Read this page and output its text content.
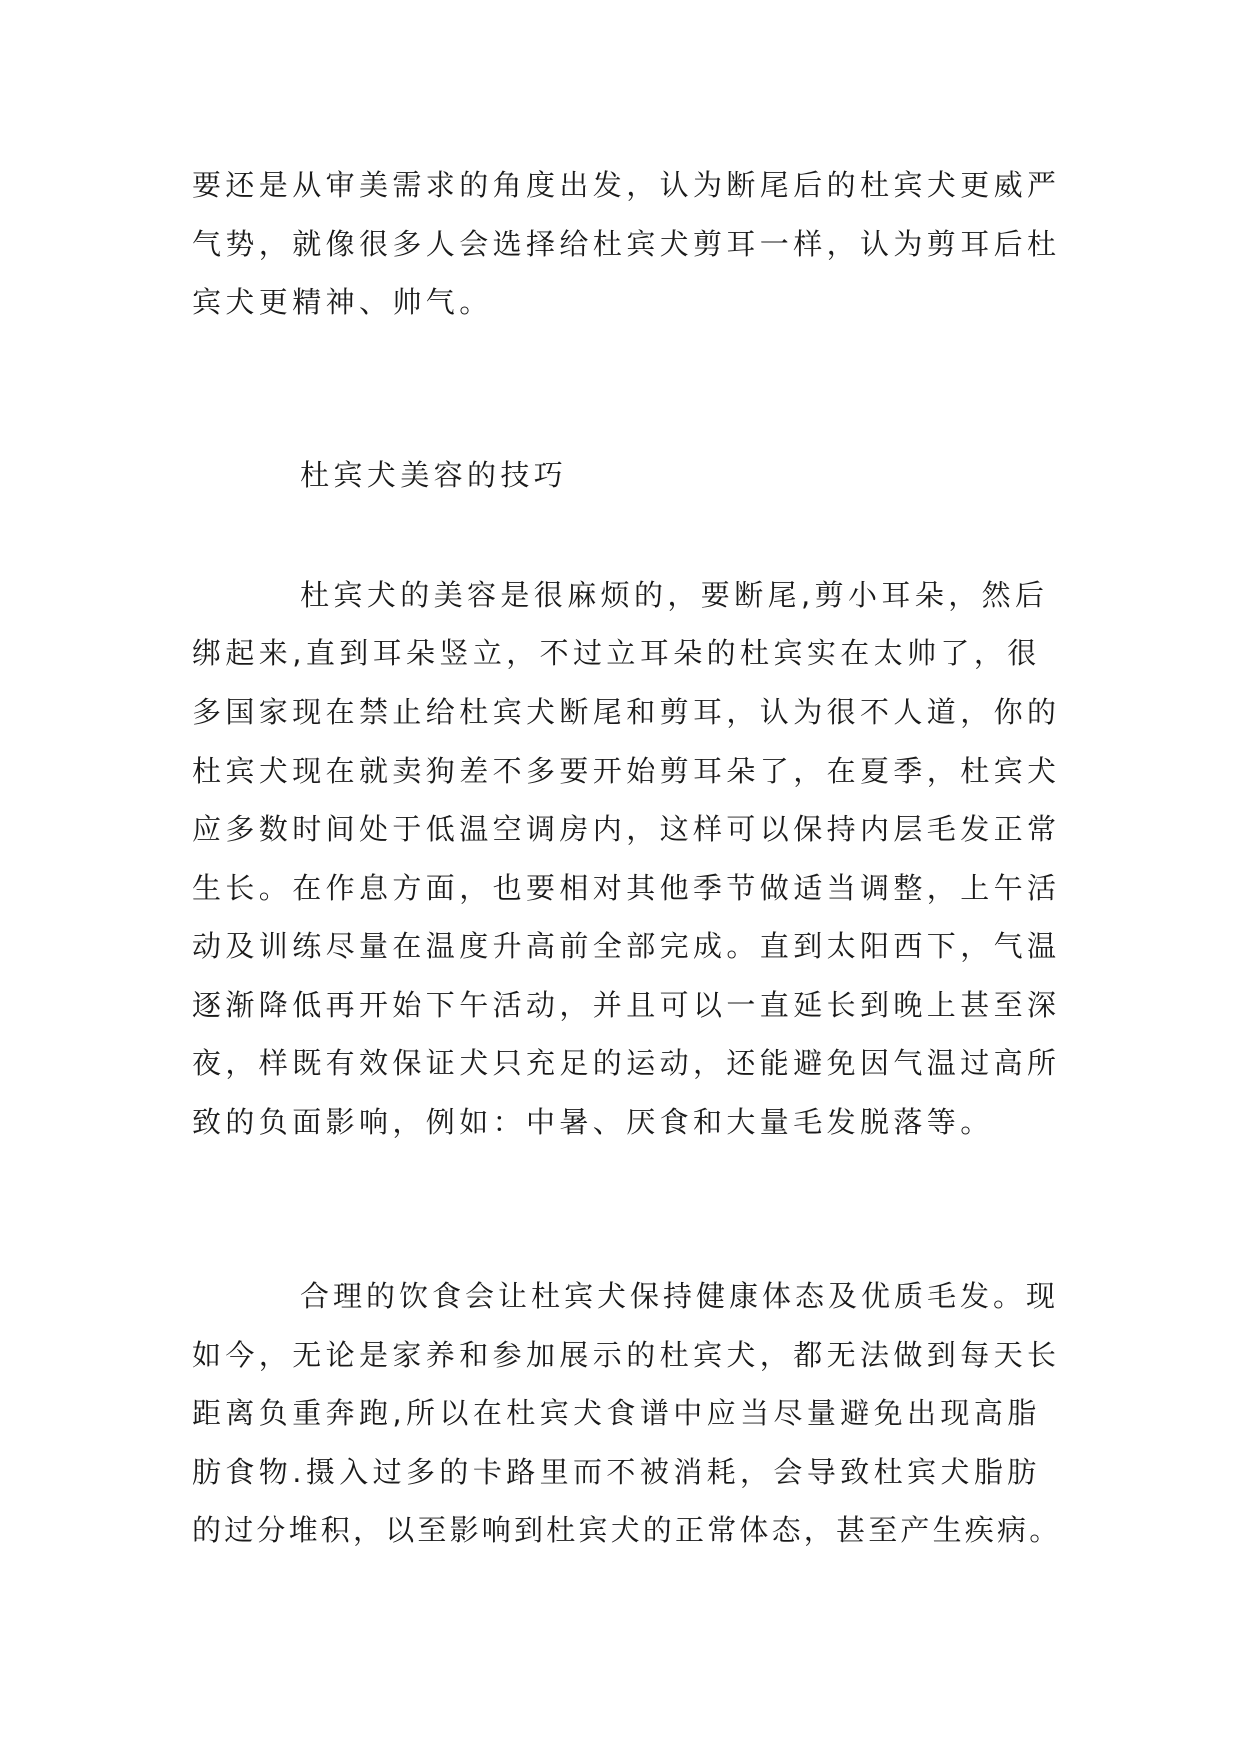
要还是从审美需求的角度出发，认为断尾后的杜宾犬更威严

气势，就像很多人会选择给杜宾犬剪耳一样，认为剪耳后杜

宾犬更精神、帅气。

杜宾犬美容的技巧

杜宾犬的美容是很麻烦的，要断尾,剪小耳朵，然后

绑起来,直到耳朵竖立，不过立耳朵的杜宾实在太帅了，很

多国家现在禁止给杜宾犬断尾和剪耳，认为很不人道，你的

杜宾犬现在就卖狗差不多要开始剪耳朵了，在夏季，杜宾犬

应多数时间处于低温空调房内，这样可以保持内层毛发正常

生长。在作息方面，也要相对其他季节做适当调整，上午活

动及训练尽量在温度升高前全部完成。直到太阳西下，气温

逐渐降低再开始下午活动，并且可以一直延长到晚上甚至深

夜，样既有效保证犬只充足的运动，还能避免因气温过高所

致的负面影响，例如：中暑、厌食和大量毛发脱落等。

合理的饮食会让杜宾犬保持健康体态及优质毛发。现

如今，无论是家养和参加展示的杜宾犬，都无法做到每天长

距离负重奔跑,所以在杜宾犬食谱中应当尽量避免出现高脂

肪食物.摄入过多的卡路里而不被消耗，会导致杜宾犬脂肪

的过分堆积，以至影响到杜宾犬的正常体态，甚至产生疾病。
